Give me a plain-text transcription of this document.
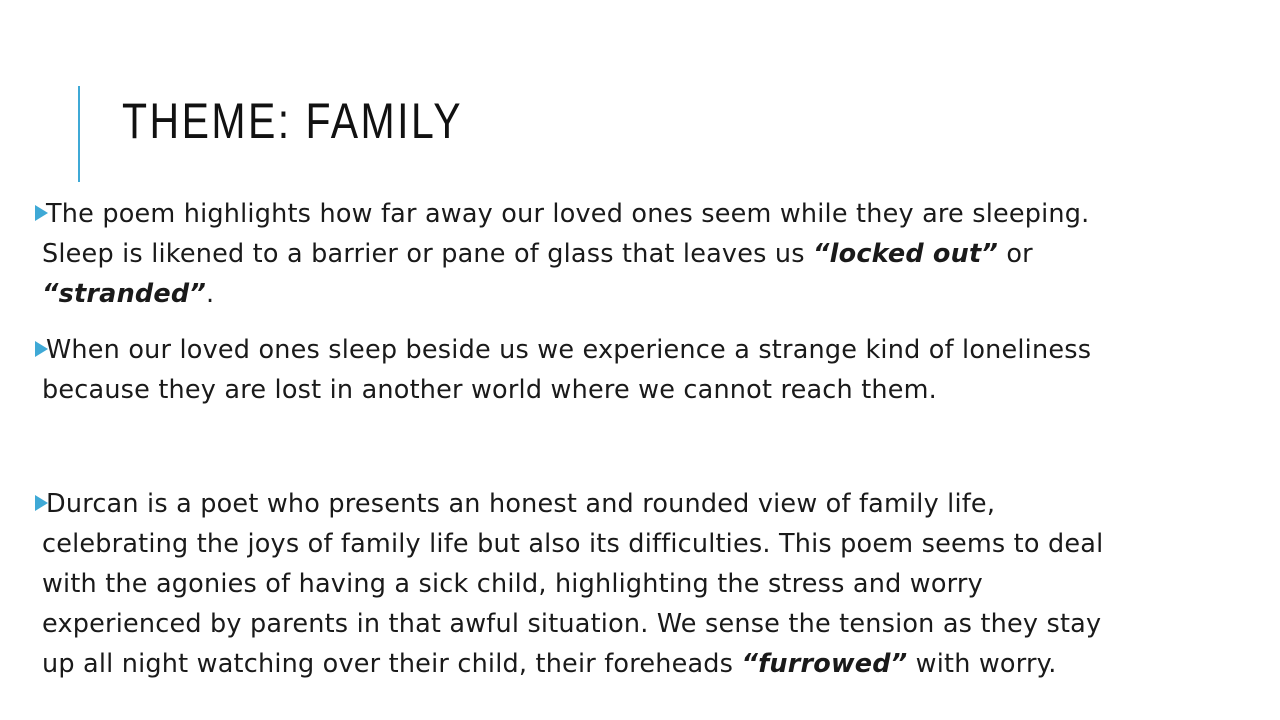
THEME: FAMILY
The poem highlights how far away our loved ones seem while they are sleeping.
Sleep is likened to a barrier or pane of glass that leaves us “locked out” or
“stranded”.
When our loved ones sleep beside us we experience a strange kind of loneliness
because they are lost in another world where we cannot reach them.
Durcan is a poet who presents an honest and rounded view of family life,
celebrating the joys of family life but also its difficulties. This poem seems to deal
with the agonies of having a sick child, highlighting the stress and worry
experienced by parents in that awful situation. We sense the tension as they stay
up all night watching over their child, their foreheads “furrowed” with worry.
